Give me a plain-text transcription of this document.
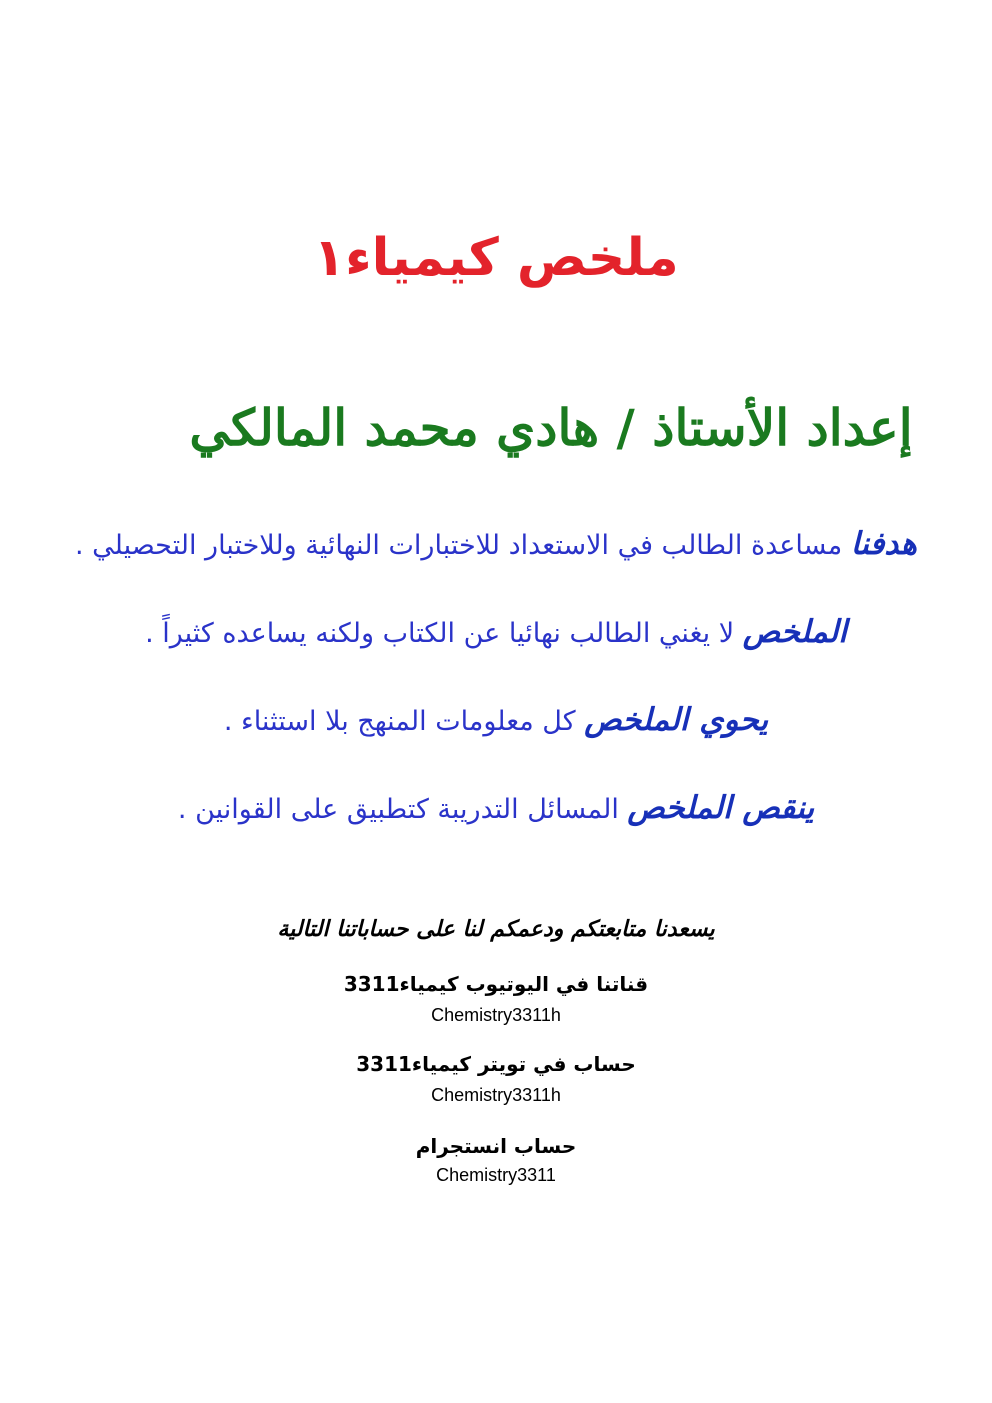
ملخص كيمياء١
إعداد الأستاذ / هادي محمد المالكي
هدفنا مساعدة الطالب في الاستعداد للاختبارات النهائية وللاختبار التحصيلي .
الملخص لا يغني الطالب نهائيا عن الكتاب ولكنه يساعده كثيراً .
يحوي الملخص كل معلومات المنهج بلا استثناء .
ينقص الملخص المسائل التدريبة كتطبيق على القوانين .
يسعدنا متابعتكم ودعمكم لنا على حساباتنا التالية
قناتنا في اليوتيوب كيمياء3311
Chemistry3311h
حساب في تويتر كيمياء3311
Chemistry3311h
حساب انستجرام
Chemistry3311
